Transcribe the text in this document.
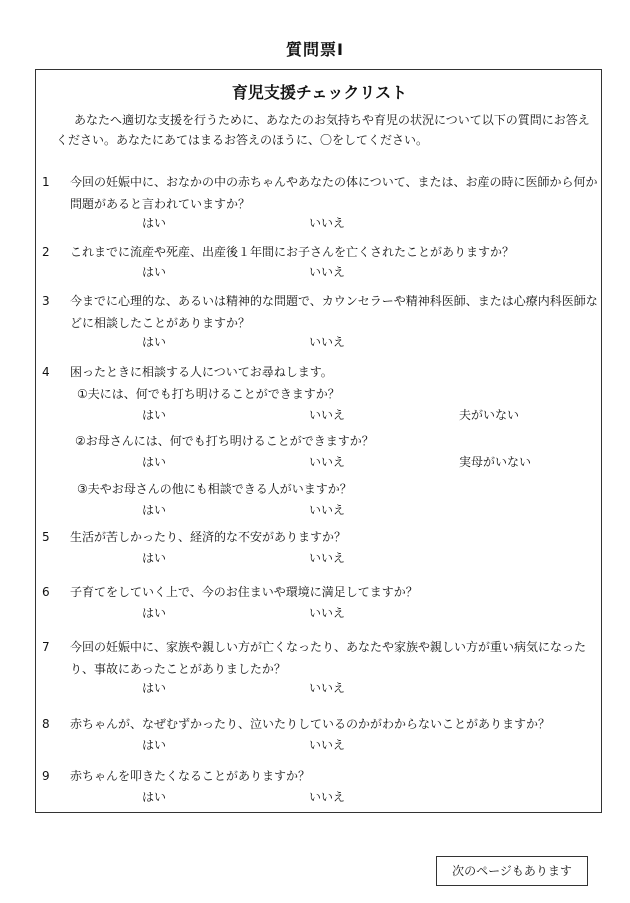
質問票Ⅰ
育児支援チェックリスト
あなたへ適切な支援を行うために、あなたのお気持ちや育児の状況について以下の質問にお答えください。あなたにあてはまるお答えのほうに、〇をしてください。
1 今回の妊娠中に、おなかの中の赤ちゃんやあなたの体について、または、お産の時に医師から何か問題があると言われていますか？
はい	いいえ
2 これまでに流産や死産、出産後１年間にお子さんを亡くされたことがありますか？
はい	いいえ
3 今までに心理的な、あるいは精神的な問題で、カウンセラーや精神科医師、または心療内科医師などに相談したことがありますか？
はい	いいえ
4 困ったときに相談する人についてお尋ねします。
①夫には、何でも打ち明けることができますか？
はい	いいえ	夫がいない
②お母さんには、何でも打ち明けることができますか？
はい	いいえ	実母がいない
③夫やお母さんの他にも相談できる人がいますか？
はい	いいえ
5 生活が苦しかったり、経済的な不安がありますか？
はい	いいえ
6 子育てをしていく上で、今のお住まいや環境に満足してますか？
はい	いいえ
7 今回の妊娠中に、家族や親しい方が亡くなったり、あなたや家族や親しい方が重い病気になったり、事故にあったことがありましたか？
はい	いいえ
8 赤ちゃんが、なぜむずかったり、泣いたりしているのかがわからないことがありますか？
はい	いいえ
9 赤ちゃんを叩きたくなることがありますか？
はい	いいえ
次のページもあります
